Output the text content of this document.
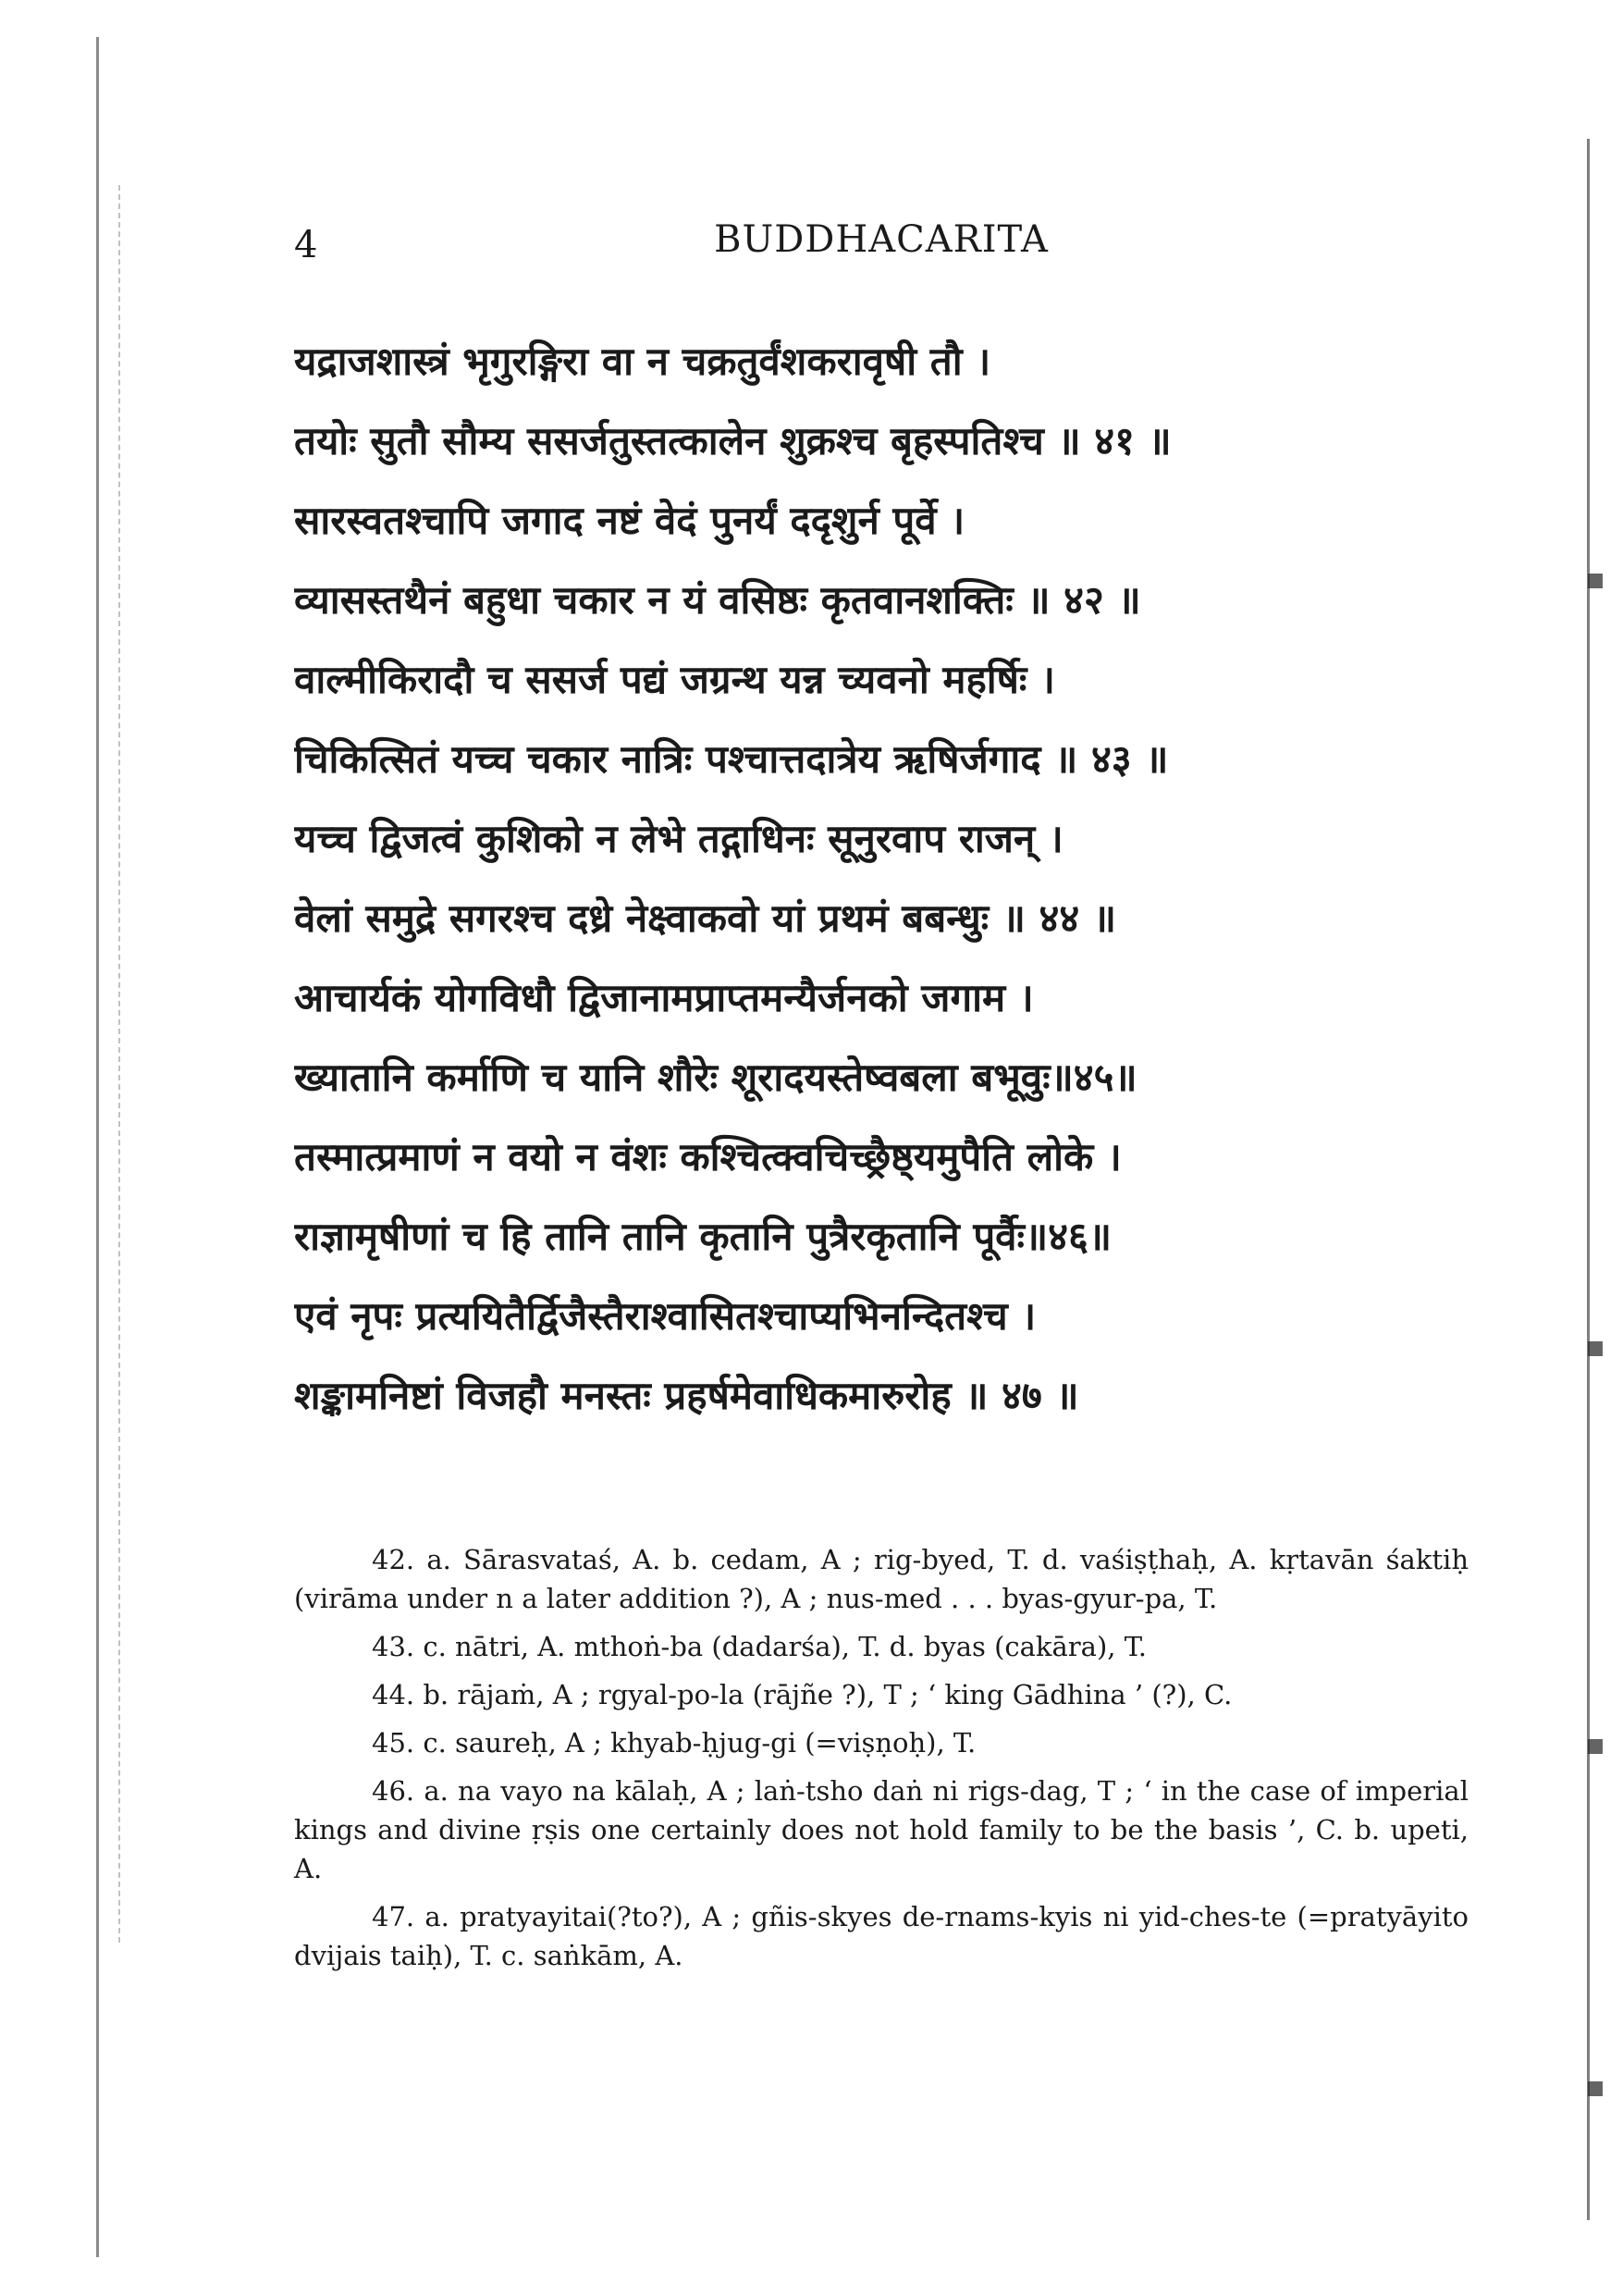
4	BUDDHACARITA
यद्राजशास्त्रं भृगुरङ्गिरा वा न चक्रतुर्वंशकरावृषी तौ ।
तयोः सुतौ सौम्य ससर्जतुस्तत्कालेन शुक्रश्च बृहस्पतिश्च ॥ ४१ ॥
सारस्वतश्चापि जगाद नष्टं वेदं पुनर्यं ददृशुर्न पूर्वे ।
व्यासस्तथैनं बहुधा चकार न यं वसिष्ठः कृतवानशक्तिः ॥ ४२ ॥
वाल्मीकिरादौ च ससर्ज पद्यं जग्रन्थ यन्न च्यवनो महर्षिः ।
चिकित्सितं यच्च चकार नात्रिः पश्चात्तदात्रेय ऋषिर्जगाद ॥ ४३ ॥
यच्च द्विजत्वं कुशिको न लेभे तद्गाधिनः सूनुरवाप राजन् ।
वेलां समुद्रे सगरश्च दध्रे नेक्ष्वाकवो यां प्रथमं बबन्धुः ॥ ४४ ॥
आचार्यकं योगविधौ द्विजानामप्राप्तमन्यैर्जनको जगाम ।
ख्यातानि कर्माणि च यानि शौरेः शूरादयस्तेष्वबला बभूवुः॥४५॥
तस्मात्प्रमाणं न वयो न वंशः कश्चित्क्वचिच्छ्रैष्ठ्यमुपैति लोके ।
राज्ञामृषीणां च हि तानि तानि कृतानि पुत्रैरकृतानि पूर्वैः॥४६॥
एवं नृपः प्रत्ययितैर्द्विजैस्तैराश्वासितश्चाप्यभिनन्दितश्च ।
शङ्कामनिष्टां विजहौ मनस्तः प्रहर्षमेवाधिकमारुरोह ॥ ४७ ॥

42. a. Sārasvataś, A. b. cedam, A ; rig-byed, T. d. vaśiṣṭhaḥ, A. kṛtavān śaktiḥ (virāma under n a later addition ?), A ; nus-med . . . byas-gyur-pa, T.

43. c. nātri, A. mthoṅ-ba (dadarśa), T. d. byas (cakāra), T.

44. b. rājaṁ, A ; rgyal-po-la (rājñe ?), T ; ‘ king Gādhina ’ (?), C.

45. c. saureḥ, A ; khyab-ḥjug-gi (=viṣṇoḥ), T.

46. a. na vayo na kālaḥ, A ; laṅ-tsho daṅ ni rigs-dag, T ; ‘ in the case of imperial kings and divine ṛṣis one certainly does not hold family to be the basis ’, C. b. upeti, A.

47. a. pratyayitai(?to?), A ; gñis-skyes de-rnams-kyis ni yid-ches-te (=pratyāyito dvijais taiḥ), T. c. saṅkām, A.
